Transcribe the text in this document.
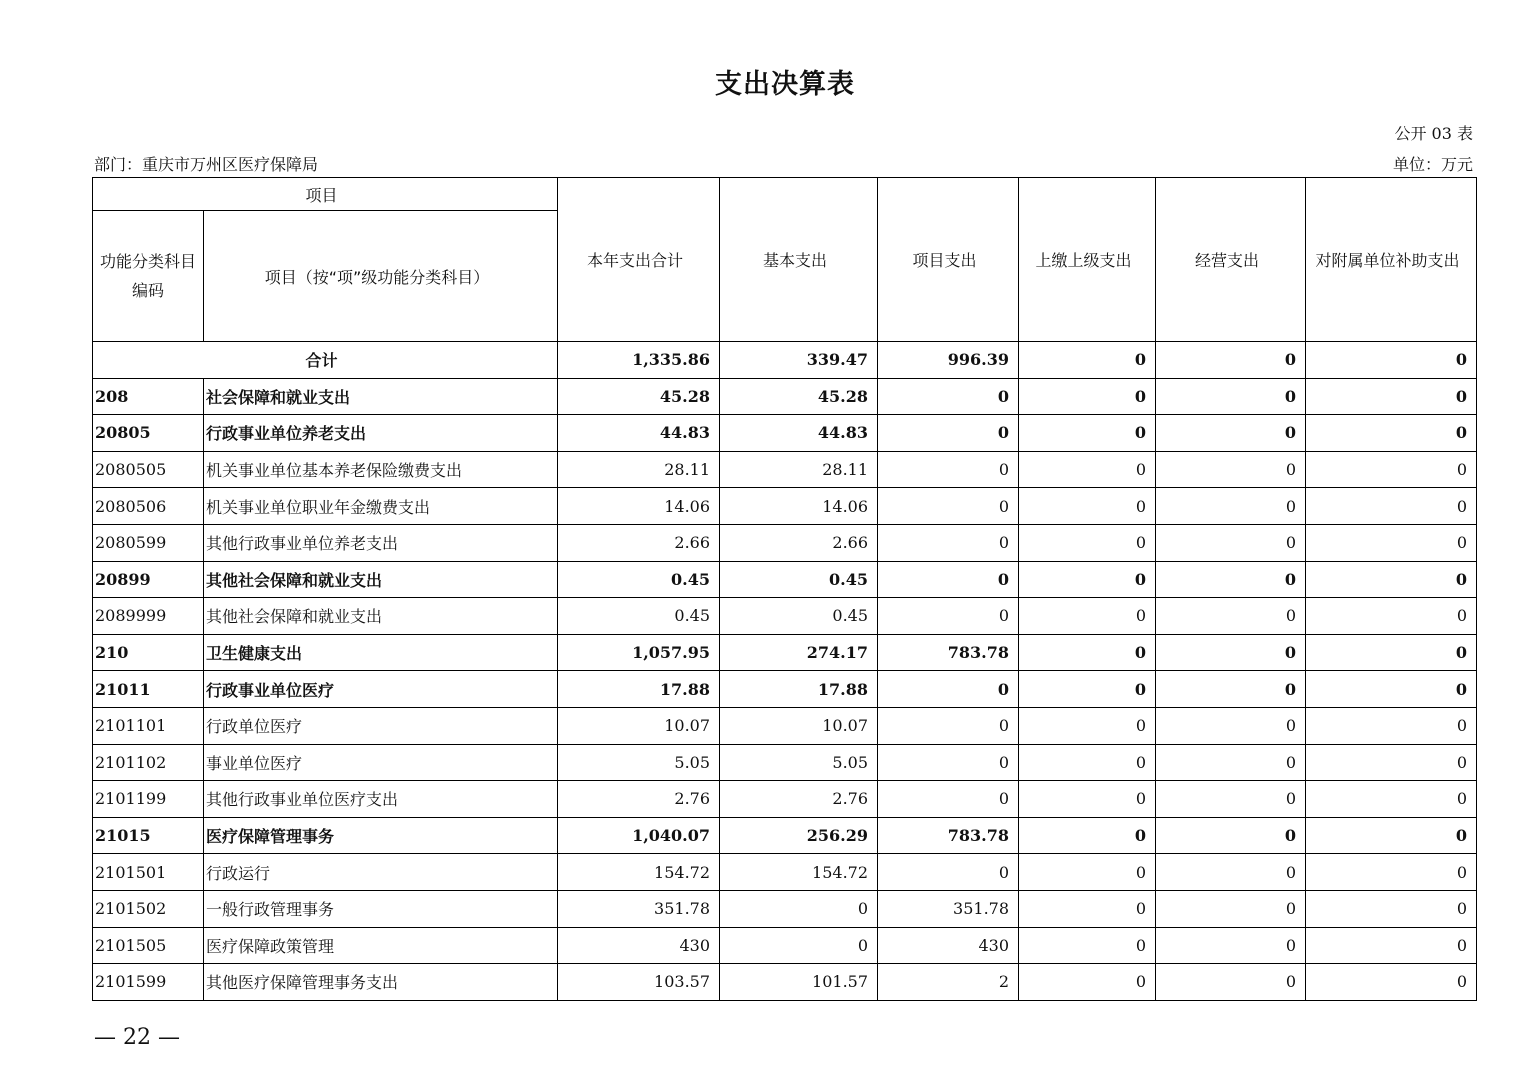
支出决算表
公开 03 表
部门：重庆市万州区医疗保障局	单位：万元
项目		本年支出合计	基本支出	项目支出	上缴上级支出	经营支出	对附属单位补助支出
功能分类科目编码	项目（按“项”级功能分类科目）						
合计		1,335.86	339.47	996.39	0	0	0
208	社会保障和就业支出	45.28	45.28	0	0	0	0
20805	行政事业单位养老支出	44.83	44.83	0	0	0	0
2080505	机关事业单位基本养老保险缴费支出	28.11	28.11	0	0	0	0
2080506	机关事业单位职业年金缴费支出	14.06	14.06	0	0	0	0
2080599	其他行政事业单位养老支出	2.66	2.66	0	0	0	0
20899	其他社会保障和就业支出	0.45	0.45	0	0	0	0
2089999	其他社会保障和就业支出	0.45	0.45	0	0	0	0
210	卫生健康支出	1,057.95	274.17	783.78	0	0	0
21011	行政事业单位医疗	17.88	17.88	0	0	0	0
2101101	行政单位医疗	10.07	10.07	0	0	0	0
2101102	事业单位医疗	5.05	5.05	0	0	0	0
2101199	其他行政事业单位医疗支出	2.76	2.76	0	0	0	0
21015	医疗保障管理事务	1,040.07	256.29	783.78	0	0	0
2101501	行政运行	154.72	154.72	0	0	0	0
2101502	一般行政管理事务	351.78	0	351.78	0	0	0
2101505	医疗保障政策管理	430	0	430	0	0	0
2101599	其他医疗保障管理事务支出	103.57	101.57	2	0	0	0
— 22 —
